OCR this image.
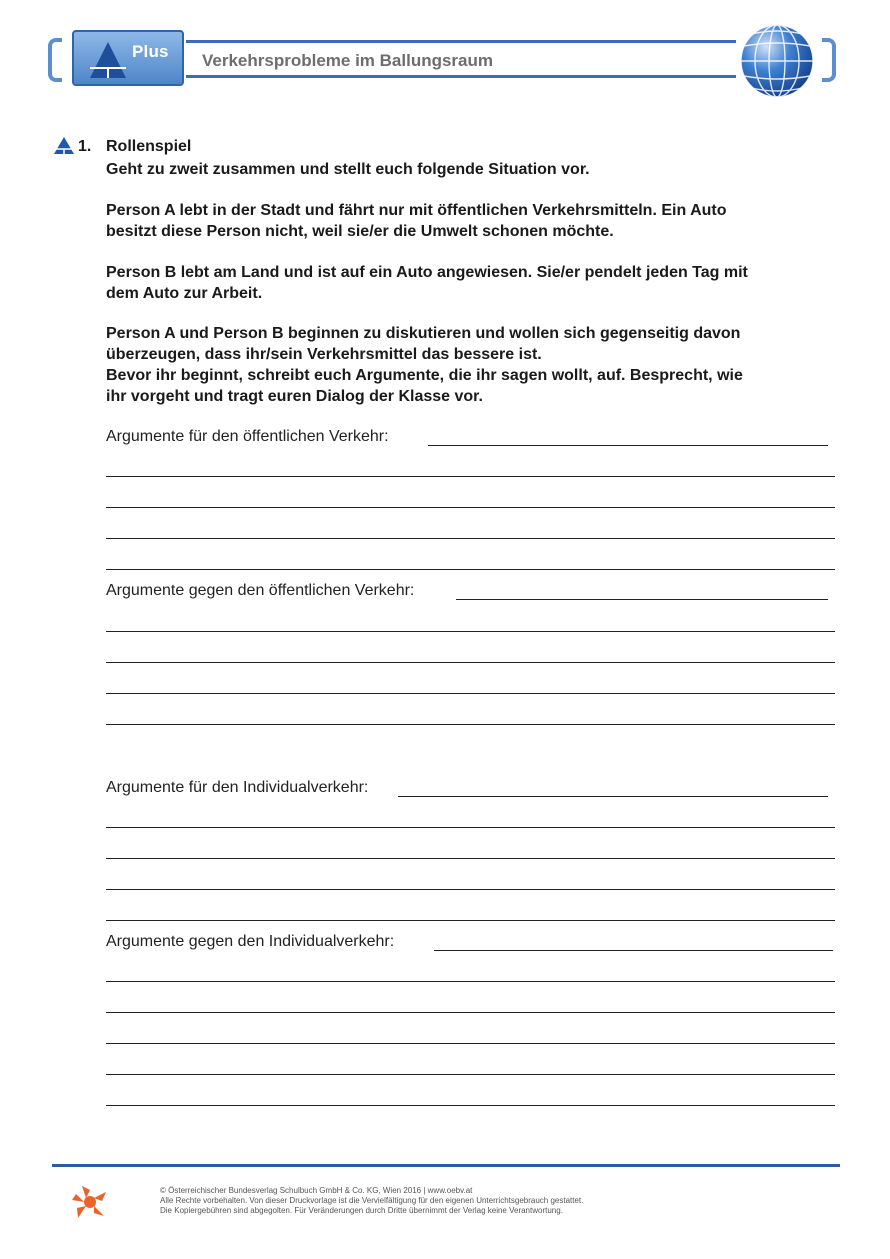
Plus Verkehrsprobleme im Ballungsraum
1. Rollenspiel
Geht zu zweit zusammen und stellt euch folgende Situation vor.
Person A lebt in der Stadt und fährt nur mit öffentlichen Verkehrsmitteln. Ein Auto
besitzt diese Person nicht, weil sie/er die Umwelt schonen möchte.
Person B lebt am Land und ist auf ein Auto angewiesen. Sie/er pendelt jeden Tag mit
dem Auto zur Arbeit.
Person A und Person B beginnen zu diskutieren und wollen sich gegenseitig davon
überzeugen, dass ihr/sein Verkehrsmittel das bessere ist.
Bevor ihr beginnt, schreibt euch Argumente, die ihr sagen wollt, auf. Besprecht, wie
ihr vorgeht und tragt euren Dialog der Klasse vor.
Argumente für den öffentlichen Verkehr:
Argumente gegen den öffentlichen Verkehr:
Argumente für den Individualverkehr:
Argumente gegen den Individualverkehr:
© Österreichischer Bundesverlag Schulbuch GmbH & Co. KG, Wien 2016 | www.oebv.at
Alle Rechte vorbehalten. Von dieser Druckvorlage ist die Vervielfältigung für den eigenen Unterrichtsgebrauch gestattet.
Die Kopiergebühren sind abgegolten. Für Veränderungen durch Dritte übernimmt der Verlag keine Verantwortung.
